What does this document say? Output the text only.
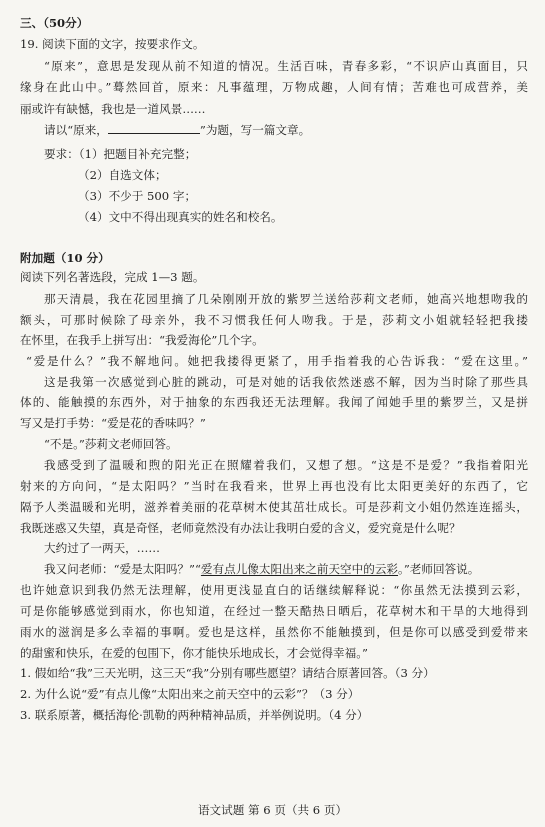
三、（50分）
19. 阅读下面的文字，按要求作文。
“原来”，意思是发现从前不知道的情况。生活百味，青春多彩，“不识庐山真面目，只
缘身在此山中。”蓦然回首，原来：凡事蕴理，万物成趣，人间有情；苦难也可成营养，美
丽或许有缺憾，我也是一道风景……
请以“原来，	”为题，写一篇文章。
要求：（1）把题目补充完整；
（2）自选文体；
（3）不少于 500 字；
（4）文中不得出现真实的姓名和校名。
附加题（10 分）
阅读下列名著选段，完成 1—3 题。
那天清晨，我在花园里摘了几朵刚刚开放的紫罗兰送给莎莉文老师，她高兴地想吻我的
额头，可那时候除了母亲外，我不习惯我任何人吻我。于是，莎莉文小姐就轻轻把我搂
在怀里，在我手上拼写出：“我爱海伦”几个字。
“爱是什么？”我不解地问。她把我搂得更紧了，用手指着我的心告诉我：“爱在这里。”
这是我第一次感觉到心脏的跳动，可是对她的话我依然迷惑不解，因为当时除了那些具
体的、能触摸的东西外，对于抽象的东西我还无法理解。我闻了闻她手里的紫罗兰，又是拼
写又是打手势：“爱是花的香味吗？”
“不是。”莎莉文老师回答。
我感受到了温暖和煦的阳光正在照耀着我们，又想了想。“这是不是爱？”我指着阳光
射来的方向问，“是太阳吗？”当时在我看来，世界上再也没有比太阳更美好的东西了，它
隔予人类温暖和光明，滋养着美丽的花草树木使其茁壮成长。可是莎莉文小姐仍然连连摇头，
我既迷惑又失望，真是奇怪，老师竟然没有办法让我明白爱的含义，爱究竟是什么呢？
大约过了一两天，……
我又问老师：“爱是太阳吗？”“爱有点儿像太阳出来之前天空中的云彩。”老师回答说。
也许她意识到我仍然无法理解，使用更浅显直白的话继续解释说：“你虽然无法摸到云彩，
可是你能够感觉到雨水，你也知道，在经过一整天酷热日晒后，花草树木和干旱的大地得到
雨水的滋润是多么幸福的事啊。爱也是这样，虽然你不能触摸到，但是你可以感受到爱带来
的甜蜜和快乐，在爱的包围下，你才能快乐地成长，才会觉得幸福。”
1. 假如给“我”三天光明，这三天“我”分别有哪些愿望？请结合原著回答。（3 分）
2. 为什么说“爱”有点儿像“太阳出来之前天空中的云彩”？（3 分）
3. 联系原著，概括海伦·凯勒的两种精神品质，并举例说明。（4 分）
语文试题 第 6 页（共 6 页）
